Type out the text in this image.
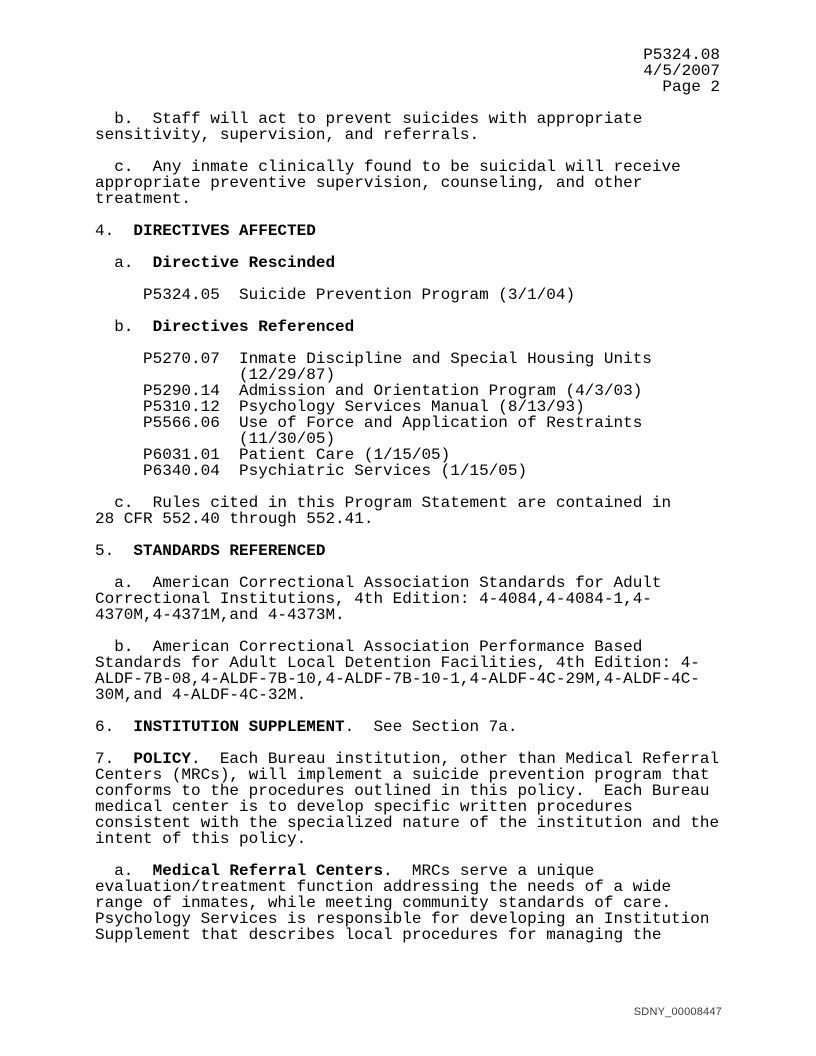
P5324.08
4/5/2007
Page 2
b.  Staff will act to prevent suicides with appropriate
sensitivity, supervision, and referrals.
c.  Any inmate clinically found to be suicidal will receive
appropriate preventive supervision, counseling, and other
treatment.
4.  DIRECTIVES AFFECTED
a.  Directive Rescinded
P5324.05  Suicide Prevention Program (3/1/04)
b.  Directives Referenced
P5270.07  Inmate Discipline and Special Housing Units
(12/29/87)
P5290.14  Admission and Orientation Program (4/3/03)
P5310.12  Psychology Services Manual (8/13/93)
P5566.06  Use of Force and Application of Restraints
(11/30/05)
P6031.01  Patient Care (1/15/05)
P6340.04  Psychiatric Services (1/15/05)
c.  Rules cited in this Program Statement are contained in
28 CFR 552.40 through 552.41.
5.  STANDARDS REFERENCED
a.  American Correctional Association Standards for Adult
Correctional Institutions, 4th Edition: 4-4084,4-4084-1,4-
4370M,4-4371M,and 4-4373M.
b.  American Correctional Association Performance Based
Standards for Adult Local Detention Facilities, 4th Edition: 4-
ALDF-7B-08,4-ALDF-7B-10,4-ALDF-7B-10-1,4-ALDF-4C-29M,4-ALDF-4C-
30M,and 4-ALDF-4C-32M.
6.  INSTITUTION SUPPLEMENT.  See Section 7a.
7.  POLICY.  Each Bureau institution, other than Medical Referral
Centers (MRCs), will implement a suicide prevention program that
conforms to the procedures outlined in this policy.  Each Bureau
medical center is to develop specific written procedures
consistent with the specialized nature of the institution and the
intent of this policy.
a.  Medical Referral Centers.  MRCs serve a unique
evaluation/treatment function addressing the needs of a wide
range of inmates, while meeting community standards of care.
Psychology Services is responsible for developing an Institution
Supplement that describes local procedures for managing the
SDNY_00008447
